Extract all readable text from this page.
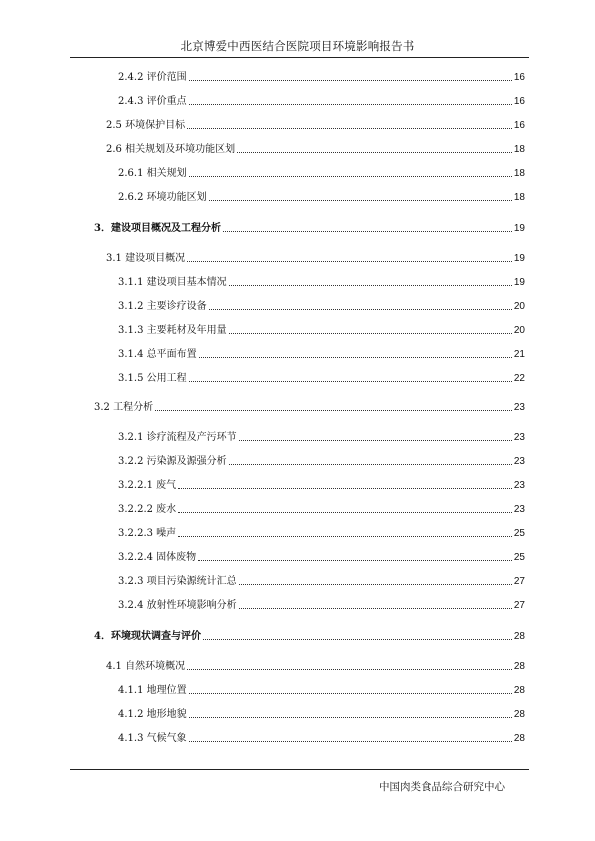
北京博爱中西医结合医院项目环境影响报告书
2.4.2 评价范围	16
2.4.3 评价重点	16
2.5 环境保护目标	16
2.6 相关规划及环境功能区划	18
2.6.1 相关规划	18
2.6.2 环境功能区划	18
3．建设项目概况及工程分析	19
3.1 建设项目概况	19
3.1.1 建设项目基本情况	19
3.1.2 主要诊疗设备	20
3.1.3 主要耗材及年用量	20
3.1.4 总平面布置	21
3.1.5 公用工程	22
3.2 工程分析	23
3.2.1 诊疗流程及产污环节	23
3.2.2 污染源及源强分析	23
3.2.2.1 废气	23
3.2.2.2 废水	23
3.2.2.3 噪声	25
3.2.2.4 固体废物	25
3.2.3 项目污染源统计汇总	27
3.2.4 放射性环境影响分析	27
4．环境现状调查与评价	28
4.1 自然环境概况	28
4.1.1 地理位置	28
4.1.2 地形地貌	28
4.1.3 气候气象	28
中国肉类食品综合研究中心
